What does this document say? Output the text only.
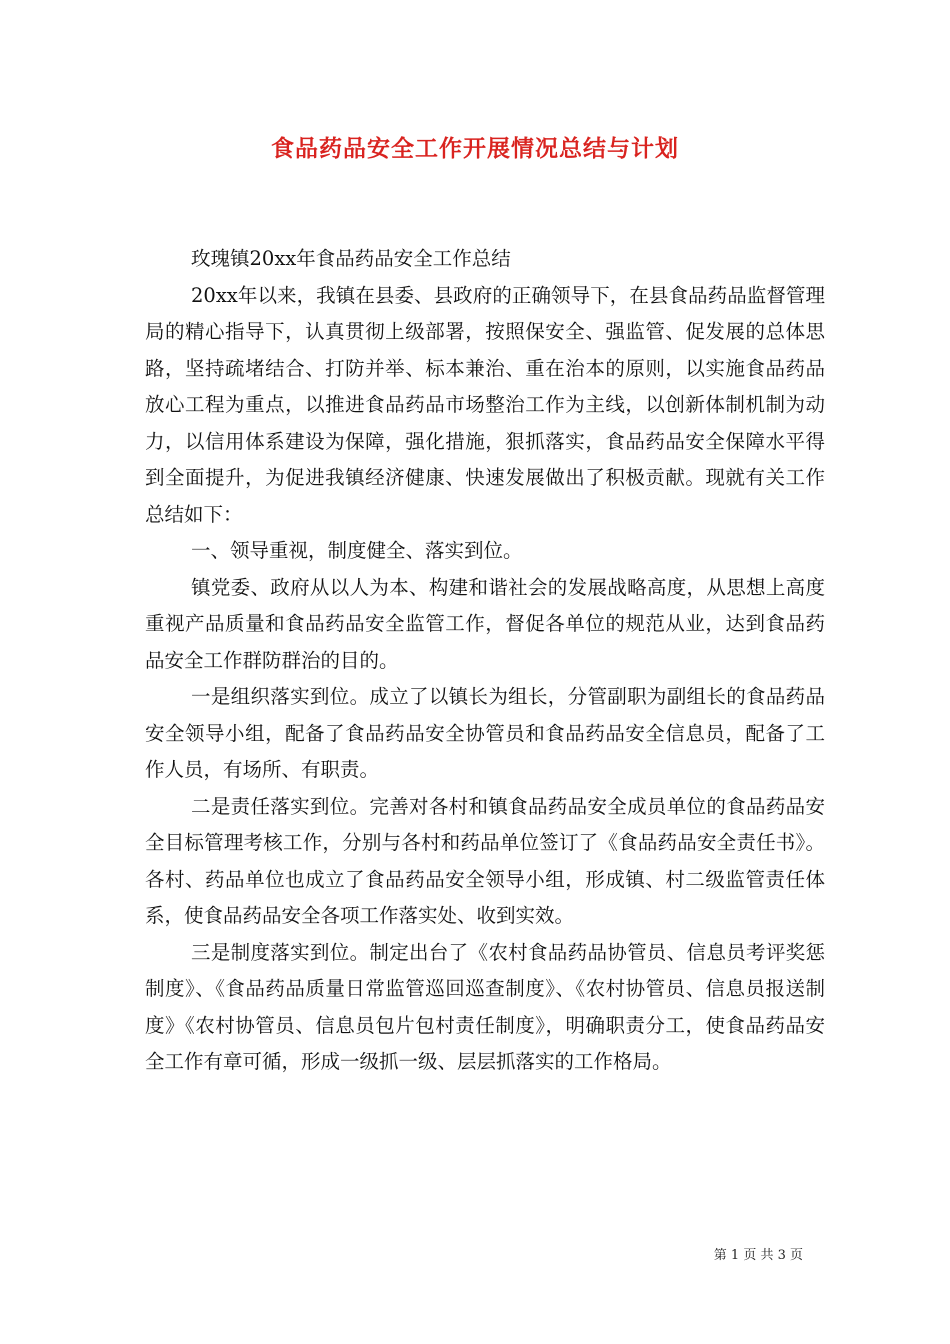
食品药品安全工作开展情况总结与计划

玫瑰镇20xx年食品药品安全工作总结

20xx年以来，我镇在县委、县政府的正确领导下，在县食品药品监督管理局的精心指导下，认真贯彻上级部署，按照保安全、强监管、促发展的总体思路，坚持疏堵结合、打防并举、标本兼治、重在治本的原则，以实施食品药品放心工程为重点，以推进食品药品市场整治工作为主线，以创新体制机制为动力，以信用体系建设为保障，强化措施，狠抓落实，食品药品安全保障水平得到全面提升，为促进我镇经济健康、快速发展做出了积极贡献。现就有关工作总结如下：

一、领导重视，制度健全、落实到位。

镇党委、政府从以人为本、构建和谐社会的发展战略高度，从思想上高度重视产品质量和食品药品安全监管工作，督促各单位的规范从业，达到食品药品安全工作群防群治的目的。

一是组织落实到位。成立了以镇长为组长，分管副职为副组长的食品药品安全领导小组，配备了食品药品安全协管员和食品药品安全信息员，配备了工作人员，有场所、有职责。

二是责任落实到位。完善对各村和镇食品药品安全成员单位的食品药品安全目标管理考核工作，分别与各村和药品单位签订了《食品药品安全责任书》。各村、药品单位也成立了食品药品安全领导小组，形成镇、村二级监管责任体系，使食品药品安全各项工作落实处、收到实效。

三是制度落实到位。制定出台了《农村食品药品协管员、信息员考评奖惩制度》、《食品药品质量日常监管巡回巡查制度》、《农村协管员、信息员报送制度》《农村协管员、信息员包片包村责任制度》，明确职责分工，使食品药品安全工作有章可循，形成一级抓一级、层层抓落实的工作格局。

第 1 页 共 3 页
